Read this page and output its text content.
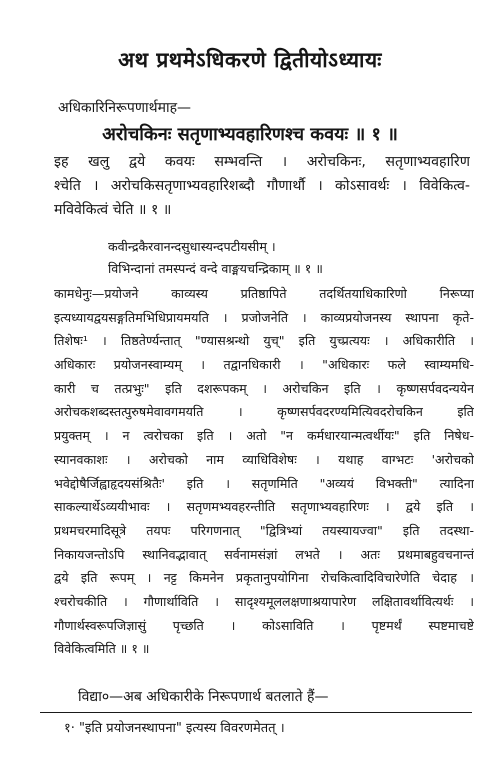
अथ प्रथमेऽधिकरणे द्वितीयोऽध्यायः
अधिकारिनिरूपणार्थमाह—
अरोचकिनः सतृणाभ्यवहारिणश्च कवयः ॥ १ ॥
इह खलु द्वये कवयः सम्भवन्ति । अरोचकिनः, सतृणाभ्यवहारिण
श्चेति । अरोचकिसतृणाभ्यवहारिशब्दौ गौणार्थौ । कोऽसावर्थः । विवेकित्व-
मविवेकित्वं चेति ॥ १ ॥
कवीन्द्रकैरवानन्दसुधास्यन्दपटीयसीम् ।
विभिन्दानां तमस्पन्दं वन्दे वाङ्मयचन्द्रिकाम् ॥ १ ॥
कामधेनुः—प्रयोजने काव्यस्य प्रतिष्ठापिते तदर्थितयाधिकारिणो निरूप्या
इत्यध्यायद्वयसङ्गतिमभिधिप्रायमयति । प्रजोजनेति । काव्यप्रयोजनस्य स्थापना कृते-
तिशेषः¹ । तिष्ठतेर्ण्यन्तात् "ण्यासश्रन्थो युच्" इति युच्प्रत्ययः । अधिकारीति ।
अधिकारः प्रयोजनस्वाम्यम् । तद्वानधिकारी । "अधिकारः फले स्वाम्यमधि-
कारी च तत्प्रभुः" इति दशरूपकम् । अरोचकिन इति । कृष्णसर्पवदन्ययेन
अरोचकशब्दस्तत्पुरुषमेवावगमयति । कृष्णसर्पवदरण्यमित्यिवदरोचकिन इति
प्रयुक्तम् । न त्वरोचका इति । अतो "न कर्मधारयान्मत्वर्थीयः" इति निषेध-
स्यानवकाशः । अरोचको नाम व्याधिविशेषः । यथाह वाग्भटः 'अरोचको
भवेद्दोषैर्जिह्वाहृदयसंश्रितैः' इति । सतृणमिति "अव्ययं विभक्ती" त्यादिना
साकल्यार्थेऽव्ययीभावः । सतृणमभ्यवहरन्तीति सतृणाभ्यवहारिणः । द्वये इति ।
प्रथमचरमादिसूत्रे तयपः परिगणनात् "द्वित्रिभ्यां तयस्यायज्वा" इति तदस्था-
निकायजन्तोऽपि स्थानिवद्भावात् सर्वनामसंज्ञां लभते । अतः प्रथमाबहुवचनान्तं
द्वये इति रूपम् । नट्ट किमनेन प्रकृतानुपयोगिना रोचकित्वादिविचारेणेति चेदाह ।
श्चरोचकीति । गौणार्थाविति । सादृश्यमूललक्षणाश्रयापारेण लक्षितावर्थावित्यर्थः ।
गौणार्थस्वरूपजिज्ञासुं पृच्छति । कोऽसाविति । पृष्टमर्थं स्पष्टमाचष्टे
विवेकित्वमिति ॥ १ ॥
विद्या०—अब अधिकारीके निरूपणार्थ बतलाते हैं—
१· "इति प्रयोजनस्थापना" इत्यस्य विवरणमेतत् ।
